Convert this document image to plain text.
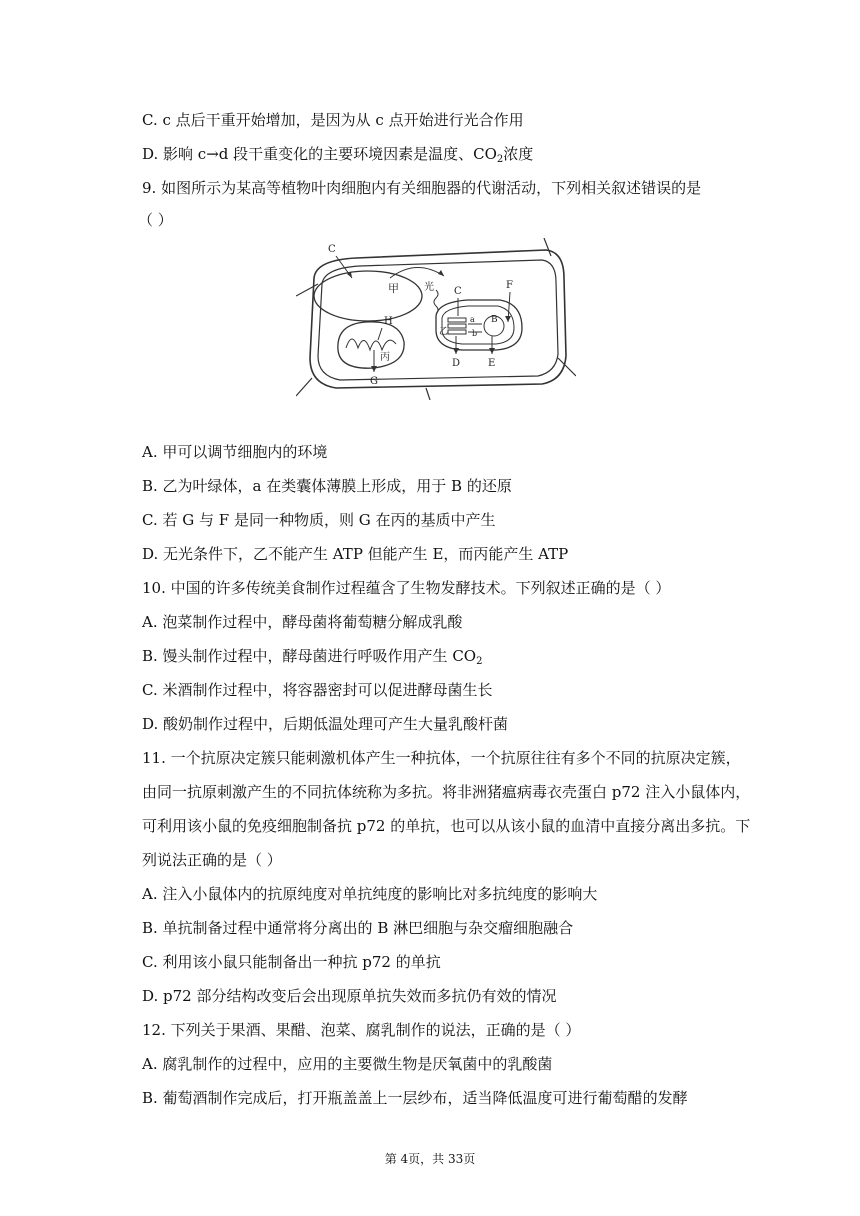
C. c 点后干重开始增加，是因为从 c 点开始进行光合作用
D. 影响 c→d 段干重变化的主要环境因素是温度、$CO_2$浓度
9. 如图所示为某高等植物叶肉细胞内有关细胞器的代谢活动，下列相关叙述错误的是
（ ）
甲
C
H
丙
G
光 C
乙
a
b
B
F
D	E
A. 甲可以调节细胞内的环境
B. 乙为叶绿体，a 在类囊体薄膜上形成，用于 B 的还原
C. 若 G 与 F 是同一种物质，则 G 在丙的基质中产生
D. 无光条件下，乙不能产生 ATP 但能产生 E，而丙能产生 ATP
10. 中国的许多传统美食制作过程蕴含了生物发酵技术。下列叙述正确的是（ ）
A. 泡菜制作过程中，酵母菌将葡萄糖分解成乳酸
B. 馒头制作过程中，酵母菌进行呼吸作用产生 $CO_2$
C. 米酒制作过程中，将容器密封可以促进酵母菌生长
D. 酸奶制作过程中，后期低温处理可产生大量乳酸杆菌
11. 一个抗原决定簇只能刺激机体产生一种抗体，一个抗原往往有多个不同的抗原决定簇，
由同一抗原刺激产生的不同抗体统称为多抗。将非洲猪瘟病毒衣壳蛋白 p72 注入小鼠体内，
可利用该小鼠的免疫细胞制备抗 p72 的单抗，也可以从该小鼠的血清中直接分离出多抗。下
列说法正确的是（ ）
A. 注入小鼠体内的抗原纯度对单抗纯度的影响比对多抗纯度的影响大
B. 单抗制备过程中通常将分离出的 B 淋巴细胞与杂交瘤细胞融合
C. 利用该小鼠只能制备出一种抗 p72 的单抗
D. p72 部分结构改变后会出现原单抗失效而多抗仍有效的情况
12. 下列关于果酒、果醋、泡菜、腐乳制作的说法，正确的是（ ）
A. 腐乳制作的过程中，应用的主要微生物是厌氧菌中的乳酸菌
B. 葡萄酒制作完成后，打开瓶盖盖上一层纱布，适当降低温度可进行葡萄醋的发酵
第 4页，共 33页
